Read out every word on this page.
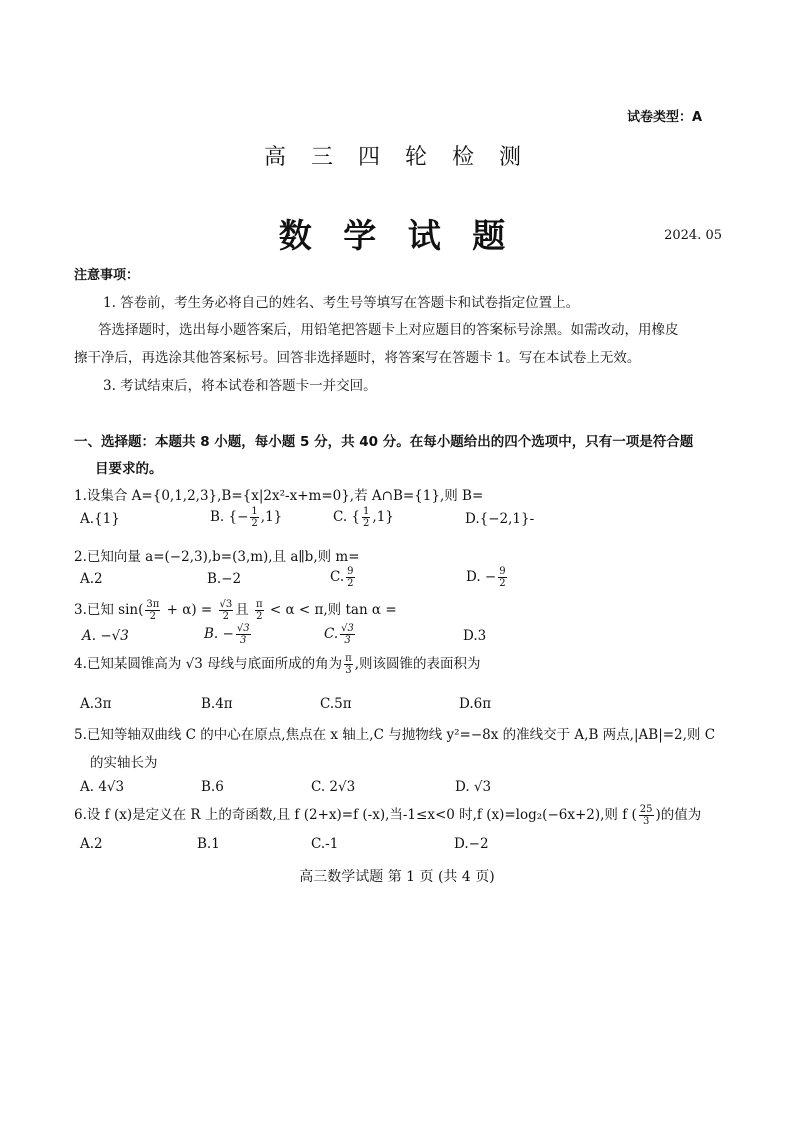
试卷类型：A
高 三 四 轮 检 测
数 学 试 题	2024. 05
注意事项：
1. 答卷前，考生务必将自己的姓名、考生号等填写在答题卡和试卷指定位置上。
答选择题时，选出每小题答案后，用铅笔把答题卡上对应题目的答案标号涂黑。如需改动，用橡皮
擦干净后，再选涂其他答案标号。回答非选择题时，将答案写在答题卡 1。写在本试卷上无效。
3. 考试结束后，将本试卷和答题卡一并交回。
一、选择题：本题共 8 小题，每小题 5 分，共 40 分。在每小题给出的四个选项中，只有一项是符合题
目要求的。
1.设集合 A={0,1,2,3},B={x|2x²-x+m=0},若 A∩B={1},则 B=
A.{1}	B. {− $\frac{1}{2} ,1$}	C. { $\frac{1}{2} ,1$}	D.{−2,1}-
2.已知向量 a=(−2,3),b=(3,m),且 a∥b,则 m=
A.2	B.−2	C. $\frac{9}{2}$	D. − $\frac{9}{2}$
3.已知 $\sin( \frac{3\pi}{2} + \alpha) = \frac{√3}{2}$ 且 $\frac{\pi}{2} < \alpha < \pi$,则 tan α =
A. −√3	B. − $\frac{√3}{3}$	C. $\frac{√3}{3}$	D.3
4.已知某圆锥高为 √3 母线与底面所成的角为 $\frac{\pi}{3}$ ,则该圆锥的表面积为
A.3π	B.4π	C.5π	D.6π
5.已知等轴双曲线 C 的中心在原点,焦点在 x 轴上,C 与抛物线 y²=−8x 的准线交于 A,B 两点,|AB|=2,则 C
的实轴长为
A. 4√3	B.6	C. 2√3	D. √3
6.设 f (x)是定义在 R 上的奇函数,且 f (2+x)=f (-x),当-1≤x<0 时,f (x)=log₂(−6x+2),则 f ( $\frac{25}{3}$ )的值为
A.2	B.1	C.-1	D.−2
高三数学试题 第 1 页 (共 4 页)
